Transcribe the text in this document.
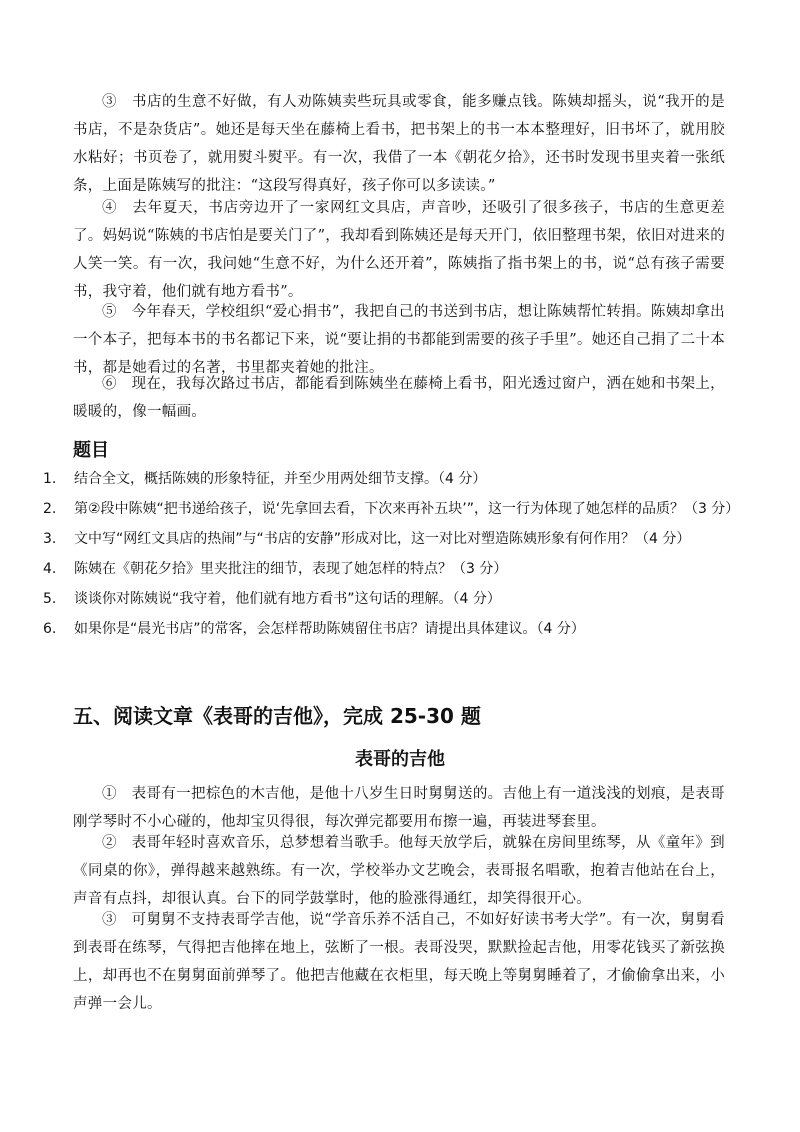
③　书店的生意不好做，有人劝陈姨卖些玩具或零食，能多赚点钱。陈姨却摇头，说“我开的是书店，不是杂货店”。她还是每天坐在藤椅上看书，把书架上的书一本本整理好，旧书坏了，就用胶水粘好；书页卷了，就用熨斗熨平。有一次，我借了一本《朝花夕拾》，还书时发现书里夹着一张纸条，上面是陈姨写的批注：“这段写得真好，孩子你可以多读读。”

④　去年夏天，书店旁边开了一家网红文具店，声音吵，还吸引了很多孩子，书店的生意更差了。妈妈说“陈姨的书店怕是要关门了”，我却看到陈姨还是每天开门，依旧整理书架，依旧对进来的人笑一笑。有一次，我问她“生意不好，为什么还开着”，陈姨指了指书架上的书，说“总有孩子需要书，我守着，他们就有地方看书”。

⑤　今年春天，学校组织“爱心捐书”，我把自己的书送到书店，想让陈姨帮忙转捐。陈姨却拿出一个本子，把每本书的书名都记下来，说“要让捐的书都能到需要的孩子手里”。她还自己捐了二十本书，都是她看过的名著，书里都夹着她的批注。

⑥　现在，我每次路过书店，都能看到陈姨坐在藤椅上看书，阳光透过窗户，洒在她和书架上，暖暖的，像一幅画。

题目
1. 结合全文，概括陈姨的形象特征，并至少用两处细节支撑。（4 分）
2. 第②段中陈姨“把书递给孩子，说‘先拿回去看，下次来再补五块’”，这一行为体现了她怎样的品质？（3 分）
3. 文中写“网红文具店的热闹”与“书店的安静”形成对比，这一对比对塑造陈姨形象有何作用？（4 分）
4. 陈姨在《朝花夕拾》里夹批注的细节，表现了她怎样的特点？（3 分）
5. 谈谈你对陈姨说“我守着，他们就有地方看书”这句话的理解。（4 分）
6. 如果你是“晨光书店”的常客，会怎样帮助陈姨留住书店？请提出具体建议。（4 分）
五、阅读文章《表哥的吉他》，完成 25-30 题
表哥的吉他

①　表哥有一把棕色的木吉他，是他十八岁生日时舅舅送的。吉他上有一道浅浅的划痕，是表哥刚学琴时不小心碰的，他却宝贝得很，每次弹完都要用布擦一遍，再装进琴套里。

②　表哥年轻时喜欢音乐，总梦想着当歌手。他每天放学后，就躲在房间里练琴，从《童年》到《同桌的你》，弹得越来越熟练。有一次，学校举办文艺晚会，表哥报名唱歌，抱着吉他站在台上，声音有点抖，却很认真。台下的同学鼓掌时，他的脸涨得通红，却笑得很开心。

③　可舅舅不支持表哥学吉他，说“学音乐养不活自己，不如好好读书考大学”。有一次，舅舅看到表哥在练琴，气得把吉他摔在地上，弦断了一根。表哥没哭，默默捡起吉他，用零花钱买了新弦换上，却再也不在舅舅面前弹琴了。他把吉他藏在衣柜里，每天晚上等舅舅睡着了，才偷偷拿出来，小声弹一会儿。
